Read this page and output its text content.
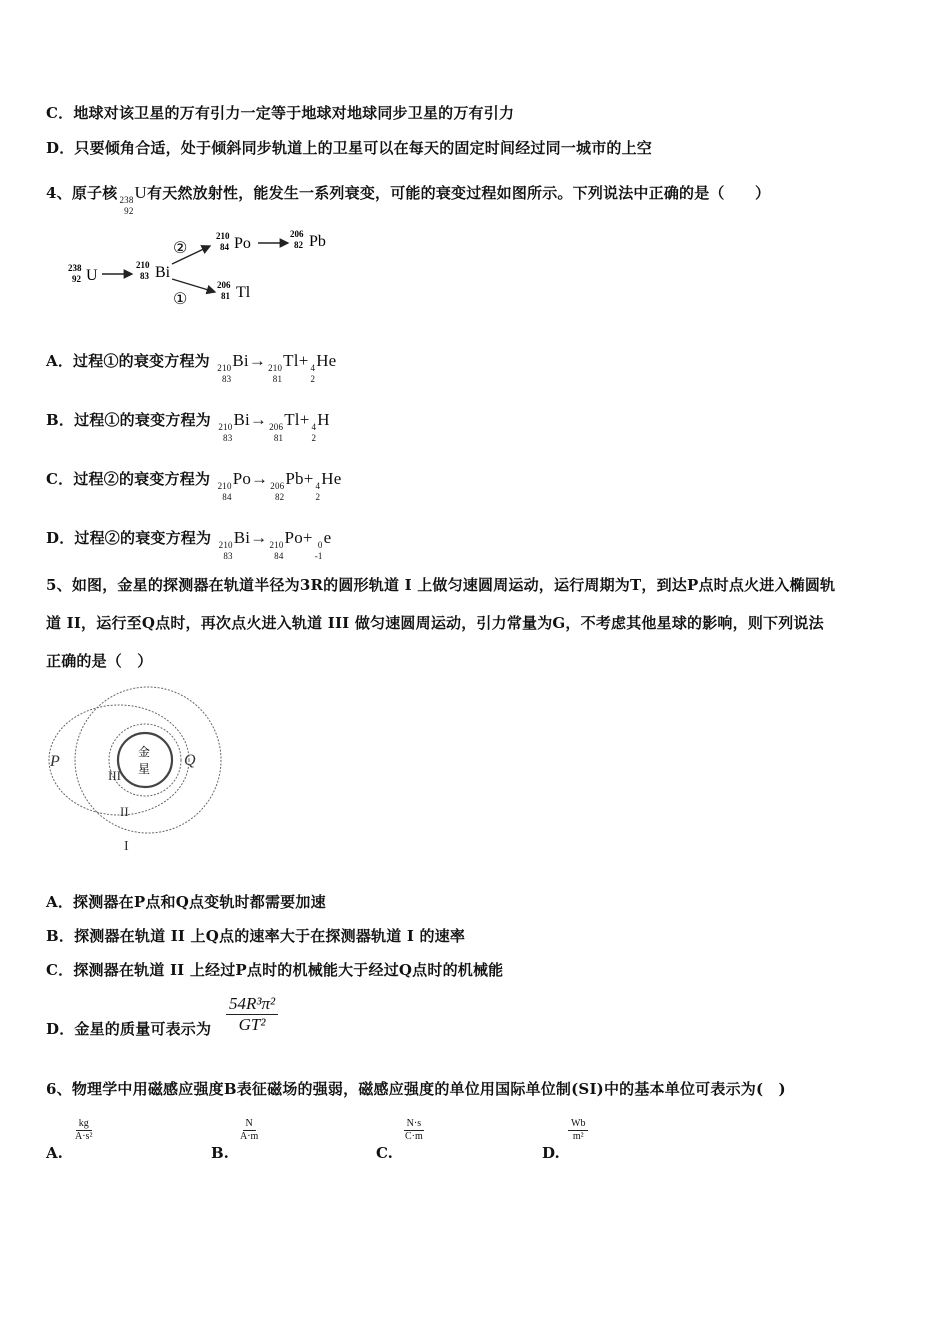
C．地球对该卫星的万有引力一定等于地球对地球同步卫星的万有引力
D．只要倾角合适，处于倾斜同步轨道上的卫星可以在每天的固定时间经过同一城市的上空
4、原子核 238
92
U有天然放射性，能发生一系列衰变，可能的衰变过程如图所示。下列说法中正确的是（　　）
238
92 U
210
83 Bi
②
210
84 Po
206
82 Pb
①
206
81 Tl
A．过程①的衰变方程为 210
83
Bi→ 210
81
Tl+ 4
2
He
B．过程①的衰变方程为 210
83
Bi→ 206
81
Tl+ 4
2
H
C．过程②的衰变方程为 210
84
Po→ 206
82
Pb+ 4
2
He
D．过程②的衰变方程为 210
83
Bi→ 210
84
Po+ 0
-1
e
5、如图，金星的探测器在轨道半径为3R的圆形轨道 I 上做匀速圆周运动，运行周期为T，到达P点时点火进入椭圆轨
道 II，运行至Q点时，再次点火进入轨道 III 做匀速圆周运动，引力常量为G，不考虑其他星球的影响，则下列说法
正确的是（　）
金
星
P	Q
III
II
I
A．探测器在P点和Q点变轨时都需要加速
B．探测器在轨道 II 上Q点的速率大于在探测器轨道 I 的速率
C．探测器在轨道 II 上经过P点时的机械能大于经过Q点时的机械能
D．金星的质量可表示为 $\frac{\text{54R³π²}}{\text{GT²}}$
6、物理学中用磁感应强度B表征磁场的强弱，磁感应强度的单位用国际单位制(SI)中的基本单位可表示为(　)
A.
$\frac{kg}{\text{A·s²}}$
B.
$\frac{N}{A\cdot m}$
C.
$\frac{N\cdot s}{C\cdot m}$
D.
$\frac{Wb}{\text{m²}}$
